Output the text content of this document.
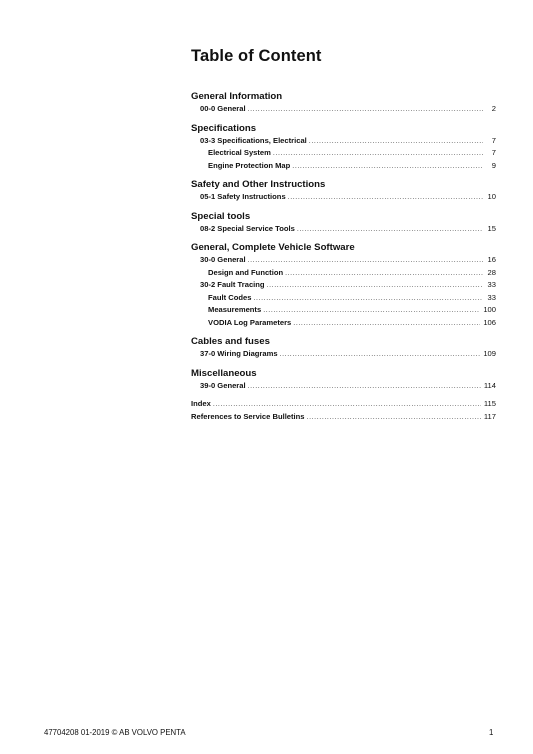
Table of Content
General Information
00-0 General .....	2
Specifications
03-3 Specifications, Electrical .....	7
Electrical System .....	7
Engine Protection Map .....	9
Safety and Other Instructions
05-1 Safety Instructions .....	10
Special tools
08-2 Special Service Tools .....	15
General, Complete Vehicle Software
30-0 General .....	16
Design and Function .....	28
30-2 Fault Tracing .....	33
Fault Codes .....	33
Measurements .....	100
VODIA Log Parameters .....	106
Cables and fuses
37-0 Wiring Diagrams .....	109
Miscellaneous
39-0 General .....	114
Index .....	115
References to Service Bulletins .....	117
47704208 01-2019 © AB VOLVO PENTA	1
